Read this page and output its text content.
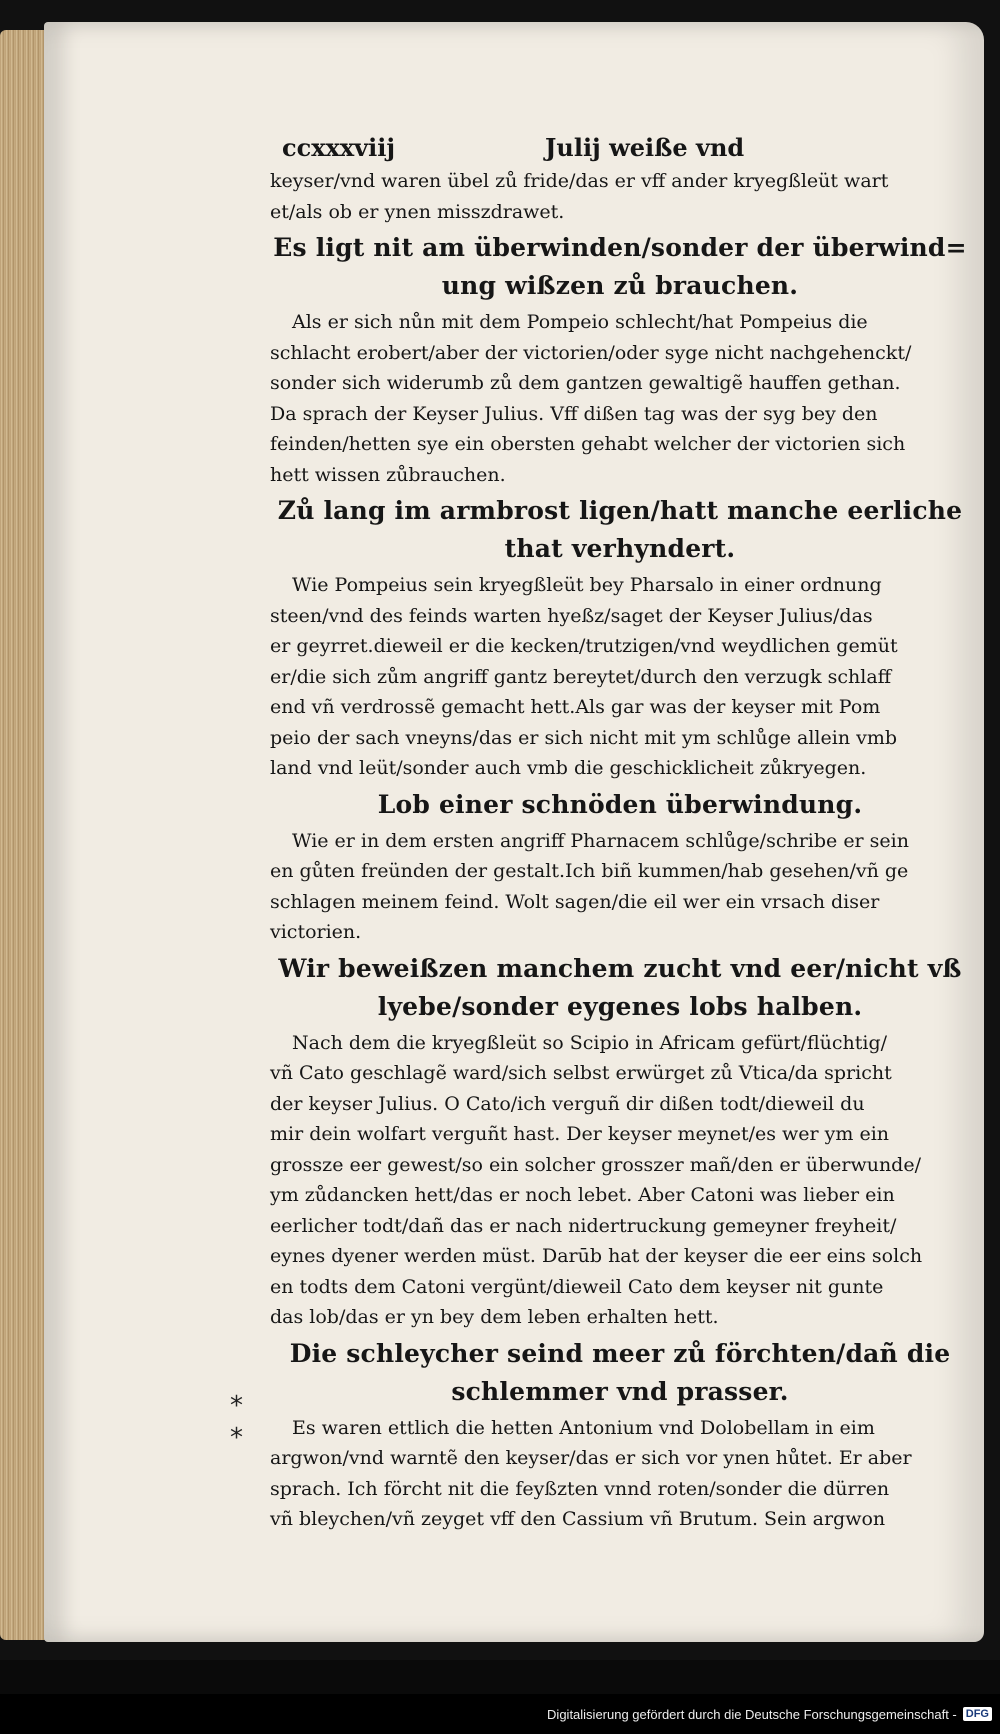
ccxxxviij	Julij weiße vnd
keyser/vnd waren übel zů fride/das er vff ander kryegßleüt wart
et/als ob er ynen misszdrawet.
Es ligt nit am überwinden/sonder der überwind=
ung wißzen zů brauchen.
Als er sich nůn mit dem Pompeio schlecht/hat Pompeius die
schlacht erobert/aber der victorien/oder syge nicht nachgehenckt/
sonder sich widerumb zů dem gantzen gewaltigẽ hauffen gethan.
Da sprach der Keyser Julius. Vff dißen tag was der syg bey den
feinden/hetten sye ein obersten gehabt welcher der victorien sich
hett wissen zůbrauchen.
Zů lang im armbrost ligen/hatt manche eerliche
that verhyndert.
Wie Pompeius sein kryegßleüt bey Pharsalo in einer ordnung
steen/vnd des feinds warten hyeßz/saget der Keyser Julius/das
er geyrret.dieweil er die kecken/trutzigen/vnd weydlichen gemüt
er/die sich zům angriff gantz bereytet/durch den verzugk schlaff
end vñ verdrossẽ gemacht hett.Als gar was der keyser mit Pom
peio der sach vneyns/das er sich nicht mit ym schlůge allein vmb
land vnd leüt/sonder auch vmb die geschicklicheit zůkryegen.
Lob einer schnöden überwindung.
Wie er in dem ersten angriff Pharnacem schlůge/schribe er sein
en gůten freünden der gestalt.Ich biñ kummen/hab gesehen/vñ ge
schlagen meinem feind. Wolt sagen/die eil wer ein vrsach diser
victorien.
Wir beweißzen manchem zucht vnd eer/nicht vß
lyebe/sonder eygenes lobs halben.
Nach dem die kryegßleüt so Scipio in Africam gefürt/flüchtig/
vñ Cato geschlagẽ ward/sich selbst erwürget zů Vtica/da spricht
der keyser Julius. O Cato/ich verguñ dir dißen todt/dieweil du
mir dein wolfart verguñt hast. Der keyser meynet/es wer ym ein
grossze eer gewest/so ein solcher grosszer mañ/den er überwunde/
ym zůdancken hett/das er noch lebet. Aber Catoni was lieber ein
eerlicher todt/dañ das er nach nidertruckung gemeyner freyheit/
eynes dyener werden müst. Darūb hat der keyser die eer eins solch
en todts dem Catoni vergünt/dieweil Cato dem keyser nit gunte
das lob/das er yn bey dem leben erhalten hett.
Die schleycher seind meer zů förchten/dañ die
schlemmer vnd prasser.
Es waren ettlich die hetten Antonium vnd Dolobellam in eim
argwon/vnd warntẽ den keyser/das er sich vor ynen hůtet. Er aber
sprach. Ich förcht nit die feyßzten vnnd roten/sonder die dürren
vñ bleychen/vñ zeyget vff den Cassium vñ Brutum. Sein argwon
*
*
Digitalisierung gefördert durch die Deutsche Forschungsgemeinschaft - DFG
